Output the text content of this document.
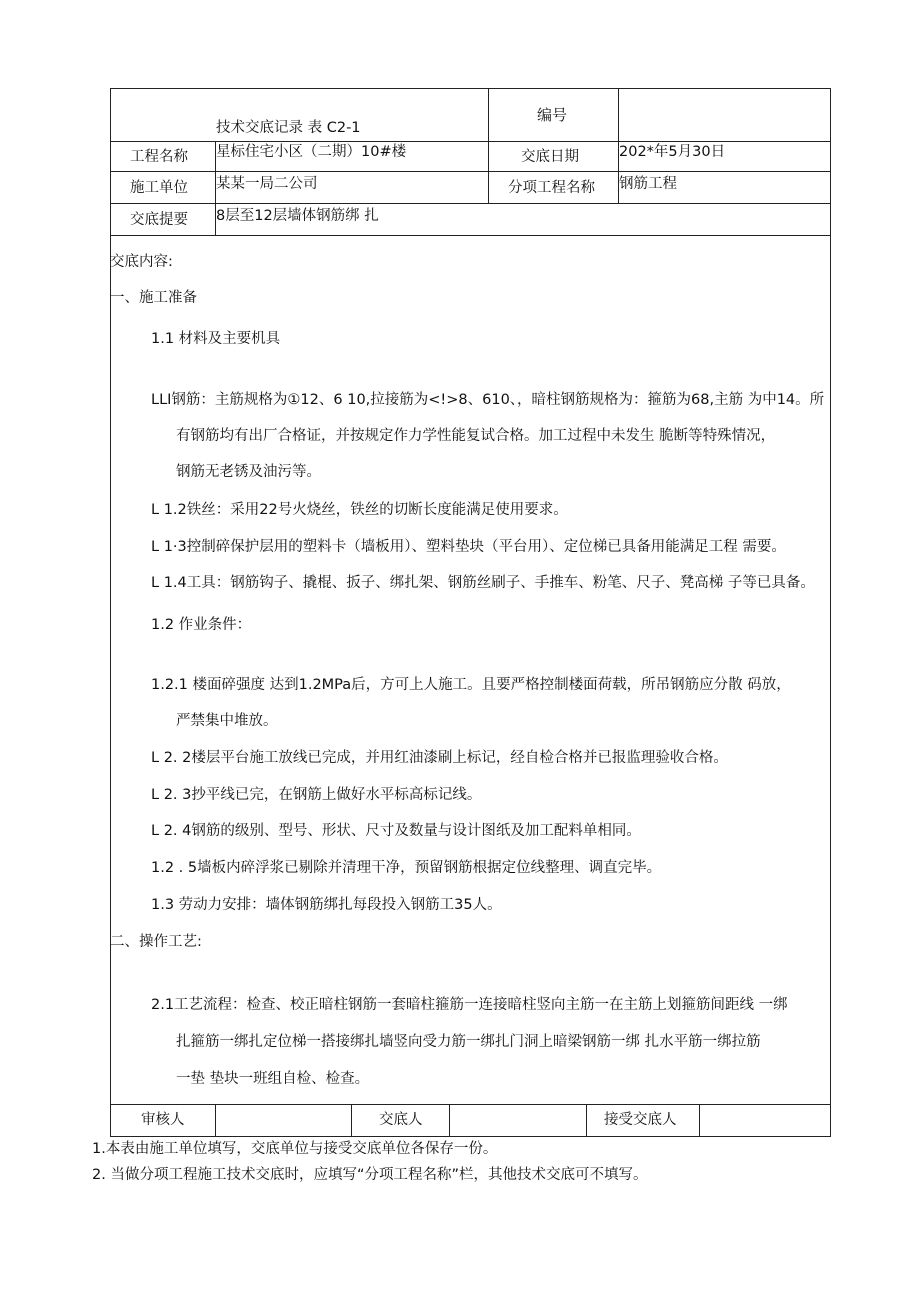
技术交底记录 表 C2-1
编号
工程名称 星标住宅小区（二期）10#楼	交底日期	202*年5月30日
施工单位 某某一局二公司	分项工程名称 钢筋工程
交底提要 8层至12层墙体钢筋绑 扎
交底内容:
一、施工准备
1.1 材料及主要机具
LLI钢筋：主筋规格为①12、6 10,拉接筋为<!>8、610、，暗柱钢筋规格为：箍筋为68,主筋 为中14。所
有钢筋均有出厂合格证，并按规定作力学性能复试合格。加工过程中未发生 脆断等特殊情况，
钢筋无老锈及油污等。
L 1.2铁丝：采用22号火烧丝，铁丝的切断长度能满足使用要求。
L 1·3控制碎保护层用的塑料卡（墙板用）、塑料垫块（平台用）、定位梯已具备用能满足工程 需要。
L 1.4工具：钢筋钩子、撬棍、扳子、绑扎架、钢筋丝刷子、手推车、粉笔、尺子、凳高梯 子等已具备。
1.2 作业条件：
1.2.1 楼面碎强度 达到1.2MPa后，方可上人施工。且要严格控制楼面荷载，所吊钢筋应分散 码放，
严禁集中堆放。
L 2. 2楼层平台施工放线已完成，并用红油漆刷上标记，经自检合格并已报监理验收合格。
L 2. 3抄平线已完，在钢筋上做好水平标高标记线。
L 2. 4钢筋的级别、型号、形状、尺寸及数量与设计图纸及加工配料单相同。
1.2 . 5墙板内碎浮浆已剔除并清理干净，预留钢筋根据定位线整理、调直完毕。
1.3 劳动力安排：墙体钢筋绑扎每段投入钢筋工35人。
二、操作工艺:
2.1工艺流程：检查、校正暗柱钢筋一套暗柱箍筋一连接暗柱竖向主筋一在主筋上划箍筋间距线 一绑
扎箍筋一绑扎定位梯一搭接绑扎墙竖向受力筋一绑扎门洞上暗梁钢筋一绑 扎水平筋一绑拉筋
一垫 垫块一班组自检、检查。
审核人	交底人	接受交底人
1.本表由施工单位填写，交底单位与接受交底单位各保存一份。
2. 当做分项工程施工技术交底时，应填写“分项工程名称”栏，其他技术交底可不填写。
